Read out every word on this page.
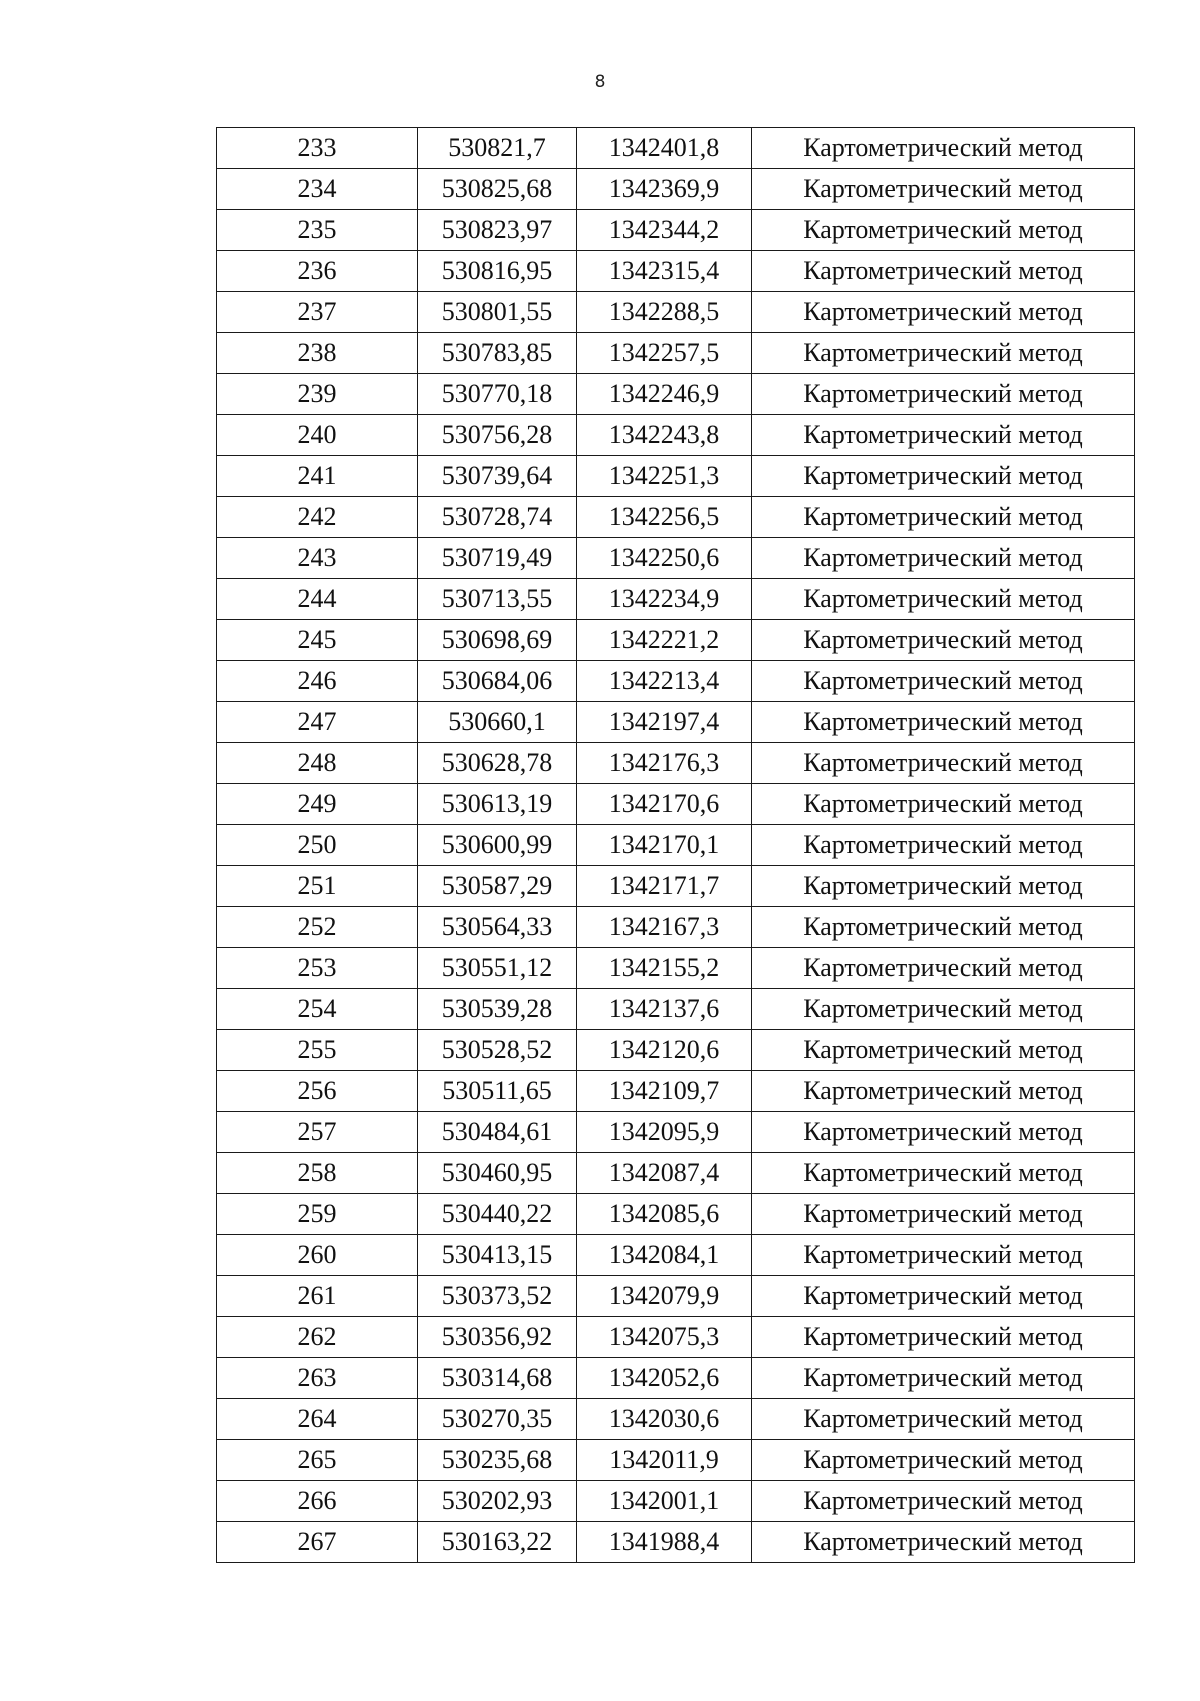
8
233	530821,7	1342401,8	Картометрический метод
234	530825,68	1342369,9	Картометрический метод
235	530823,97	1342344,2	Картометрический метод
236	530816,95	1342315,4	Картометрический метод
237	530801,55	1342288,5	Картометрический метод
238	530783,85	1342257,5	Картометрический метод
239	530770,18	1342246,9	Картометрический метод
240	530756,28	1342243,8	Картометрический метод
241	530739,64	1342251,3	Картометрический метод
242	530728,74	1342256,5	Картометрический метод
243	530719,49	1342250,6	Картометрический метод
244	530713,55	1342234,9	Картометрический метод
245	530698,69	1342221,2	Картометрический метод
246	530684,06	1342213,4	Картометрический метод
247	530660,1	1342197,4	Картометрический метод
248	530628,78	1342176,3	Картометрический метод
249	530613,19	1342170,6	Картометрический метод
250	530600,99	1342170,1	Картометрический метод
251	530587,29	1342171,7	Картометрический метод
252	530564,33	1342167,3	Картометрический метод
253	530551,12	1342155,2	Картометрический метод
254	530539,28	1342137,6	Картометрический метод
255	530528,52	1342120,6	Картометрический метод
256	530511,65	1342109,7	Картометрический метод
257	530484,61	1342095,9	Картометрический метод
258	530460,95	1342087,4	Картометрический метод
259	530440,22	1342085,6	Картометрический метод
260	530413,15	1342084,1	Картометрический метод
261	530373,52	1342079,9	Картометрический метод
262	530356,92	1342075,3	Картометрический метод
263	530314,68	1342052,6	Картометрический метод
264	530270,35	1342030,6	Картометрический метод
265	530235,68	1342011,9	Картометрический метод
266	530202,93	1342001,1	Картометрический метод
267	530163,22	1341988,4	Картометрический метод
